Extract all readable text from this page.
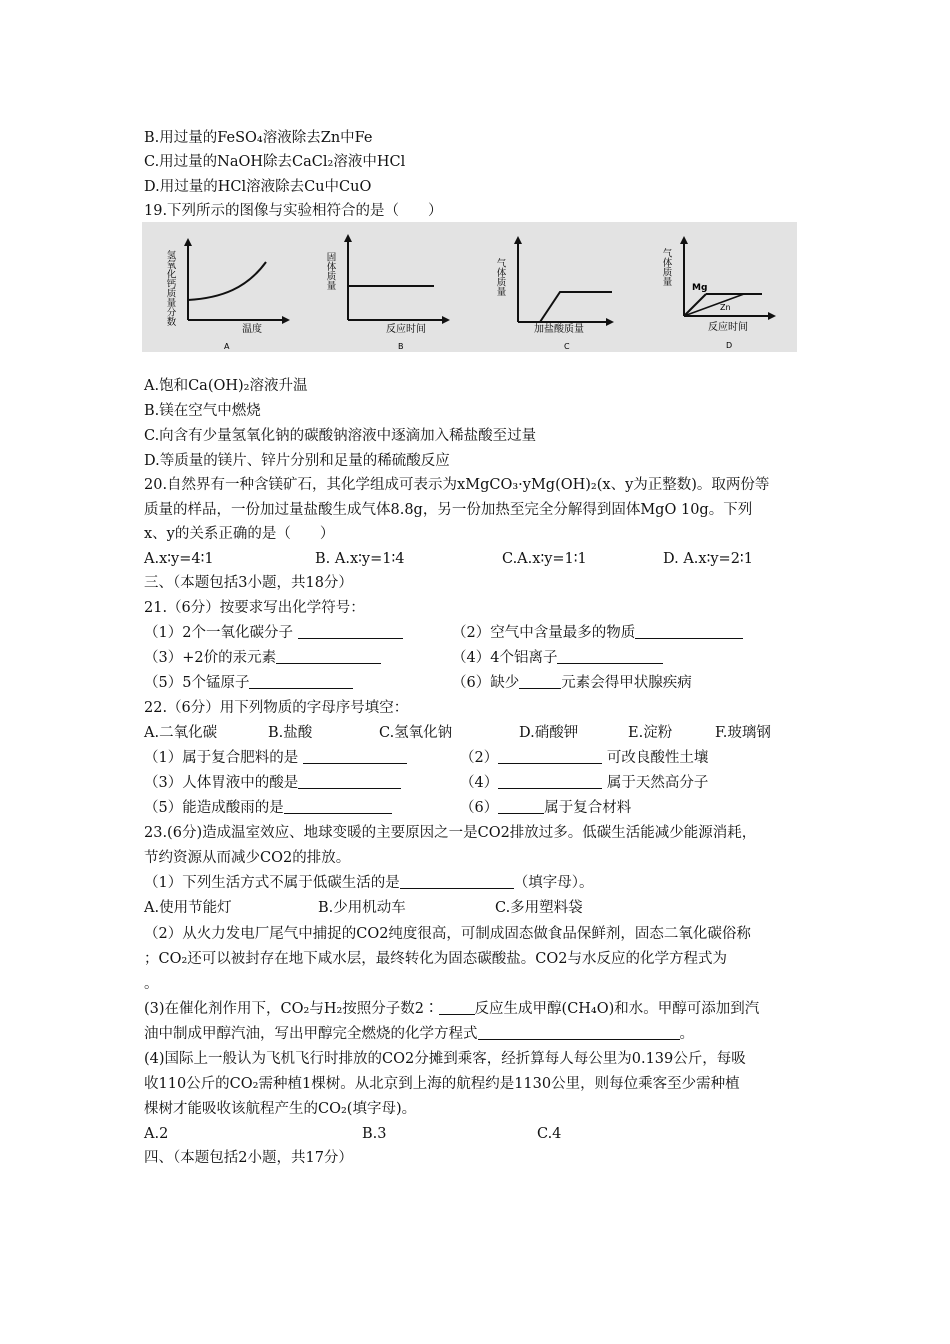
B.用过量的FeSO₄溶液除去Zn中Fe
C.用过量的NaOH除去CaCl₂溶液中HCl
D.用过量的HCl溶液除去Cu中CuO
19.下列所示的图像与实验相符合的是（　　）
氢氧化钙质量分数
温度
A
固体质量
反应时间
B
气体质量
加盐酸质量
C
气体质量
Mg
Zn
反应时间
D
A.饱和Ca(OH)₂溶液升温
B.镁在空气中燃烧
C.向含有少量氢氧化钠的碳酸钠溶液中逐滴加入稀盐酸至过量
D.等质量的镁片、锌片分别和足量的稀硫酸反应
20.自然界有一种含镁矿石，其化学组成可表示为xMgCO₃·yMg(OH)₂(x、y为正整数)。取两份等
质量的样品，一份加过量盐酸生成气体8.8g，另一份加热至完全分解得到固体MgO 10g。下列
x、y的关系正确的是（　　）
A.x∶y=4∶1	B. A.x∶y=1∶4	C.A.x∶y=1∶1	D. A.x∶y=2∶1
三、（本题包括3小题，共18分）
21.（6分）按要求写出化学符号：
（1）2个一氧化碳分子	（2）空气中含量最多的物质
（3）+2价的汞元素	（4）4个铝离子
（5）5个锰原子	（6）缺少	元素会得甲状腺疾病
22.（6分）用下列物质的字母序号填空：
A.二氧化碳	B.盐酸	C.氢氧化钠	D.硝酸钾	E.淀粉	F.玻璃钢
（1）属于复合肥料的是	（2）	可改良酸性土壤
（3）人体胃液中的酸是	（4）	属于天然高分子
（5）能造成酸雨的是	（6）	属于复合材料
23.(6分)造成温室效应、地球变暖的主要原因之一是CO2排放过多。低碳生活能减少能源消耗，
节约资源从而减少CO2的排放。
（1）下列生活方式不属于低碳生活的是	（填字母）。
A.使用节能灯	B.少用机动车	C.多用塑料袋
（2）从火力发电厂尾气中捕捉的CO2纯度很高，可制成固态做食品保鲜剂，固态二氧化碳俗称
；CO₂还可以被封存在地下咸水层，最终转化为固态碳酸盐。CO2与水反应的化学方程式为
。
(3)在催化剂作用下，CO₂与H₂按照分子数2∶ 反应生成甲醇(CH₄O)和水。甲醇可添加到汽
油中制成甲醇汽油，写出甲醇完全燃烧的化学方程式	。
(4)国际上一般认为飞机飞行时排放的CO2分摊到乘客，经折算每人每公里为0.139公斤，每吸
收110公斤的CO₂需种植1棵树。从北京到上海的航程约是1130公里，则每位乘客至少需种植
棵树才能吸收该航程产生的CO₂(填字母)。
A.2	B.3	C.4
四、（本题包括2小题，共17分）
